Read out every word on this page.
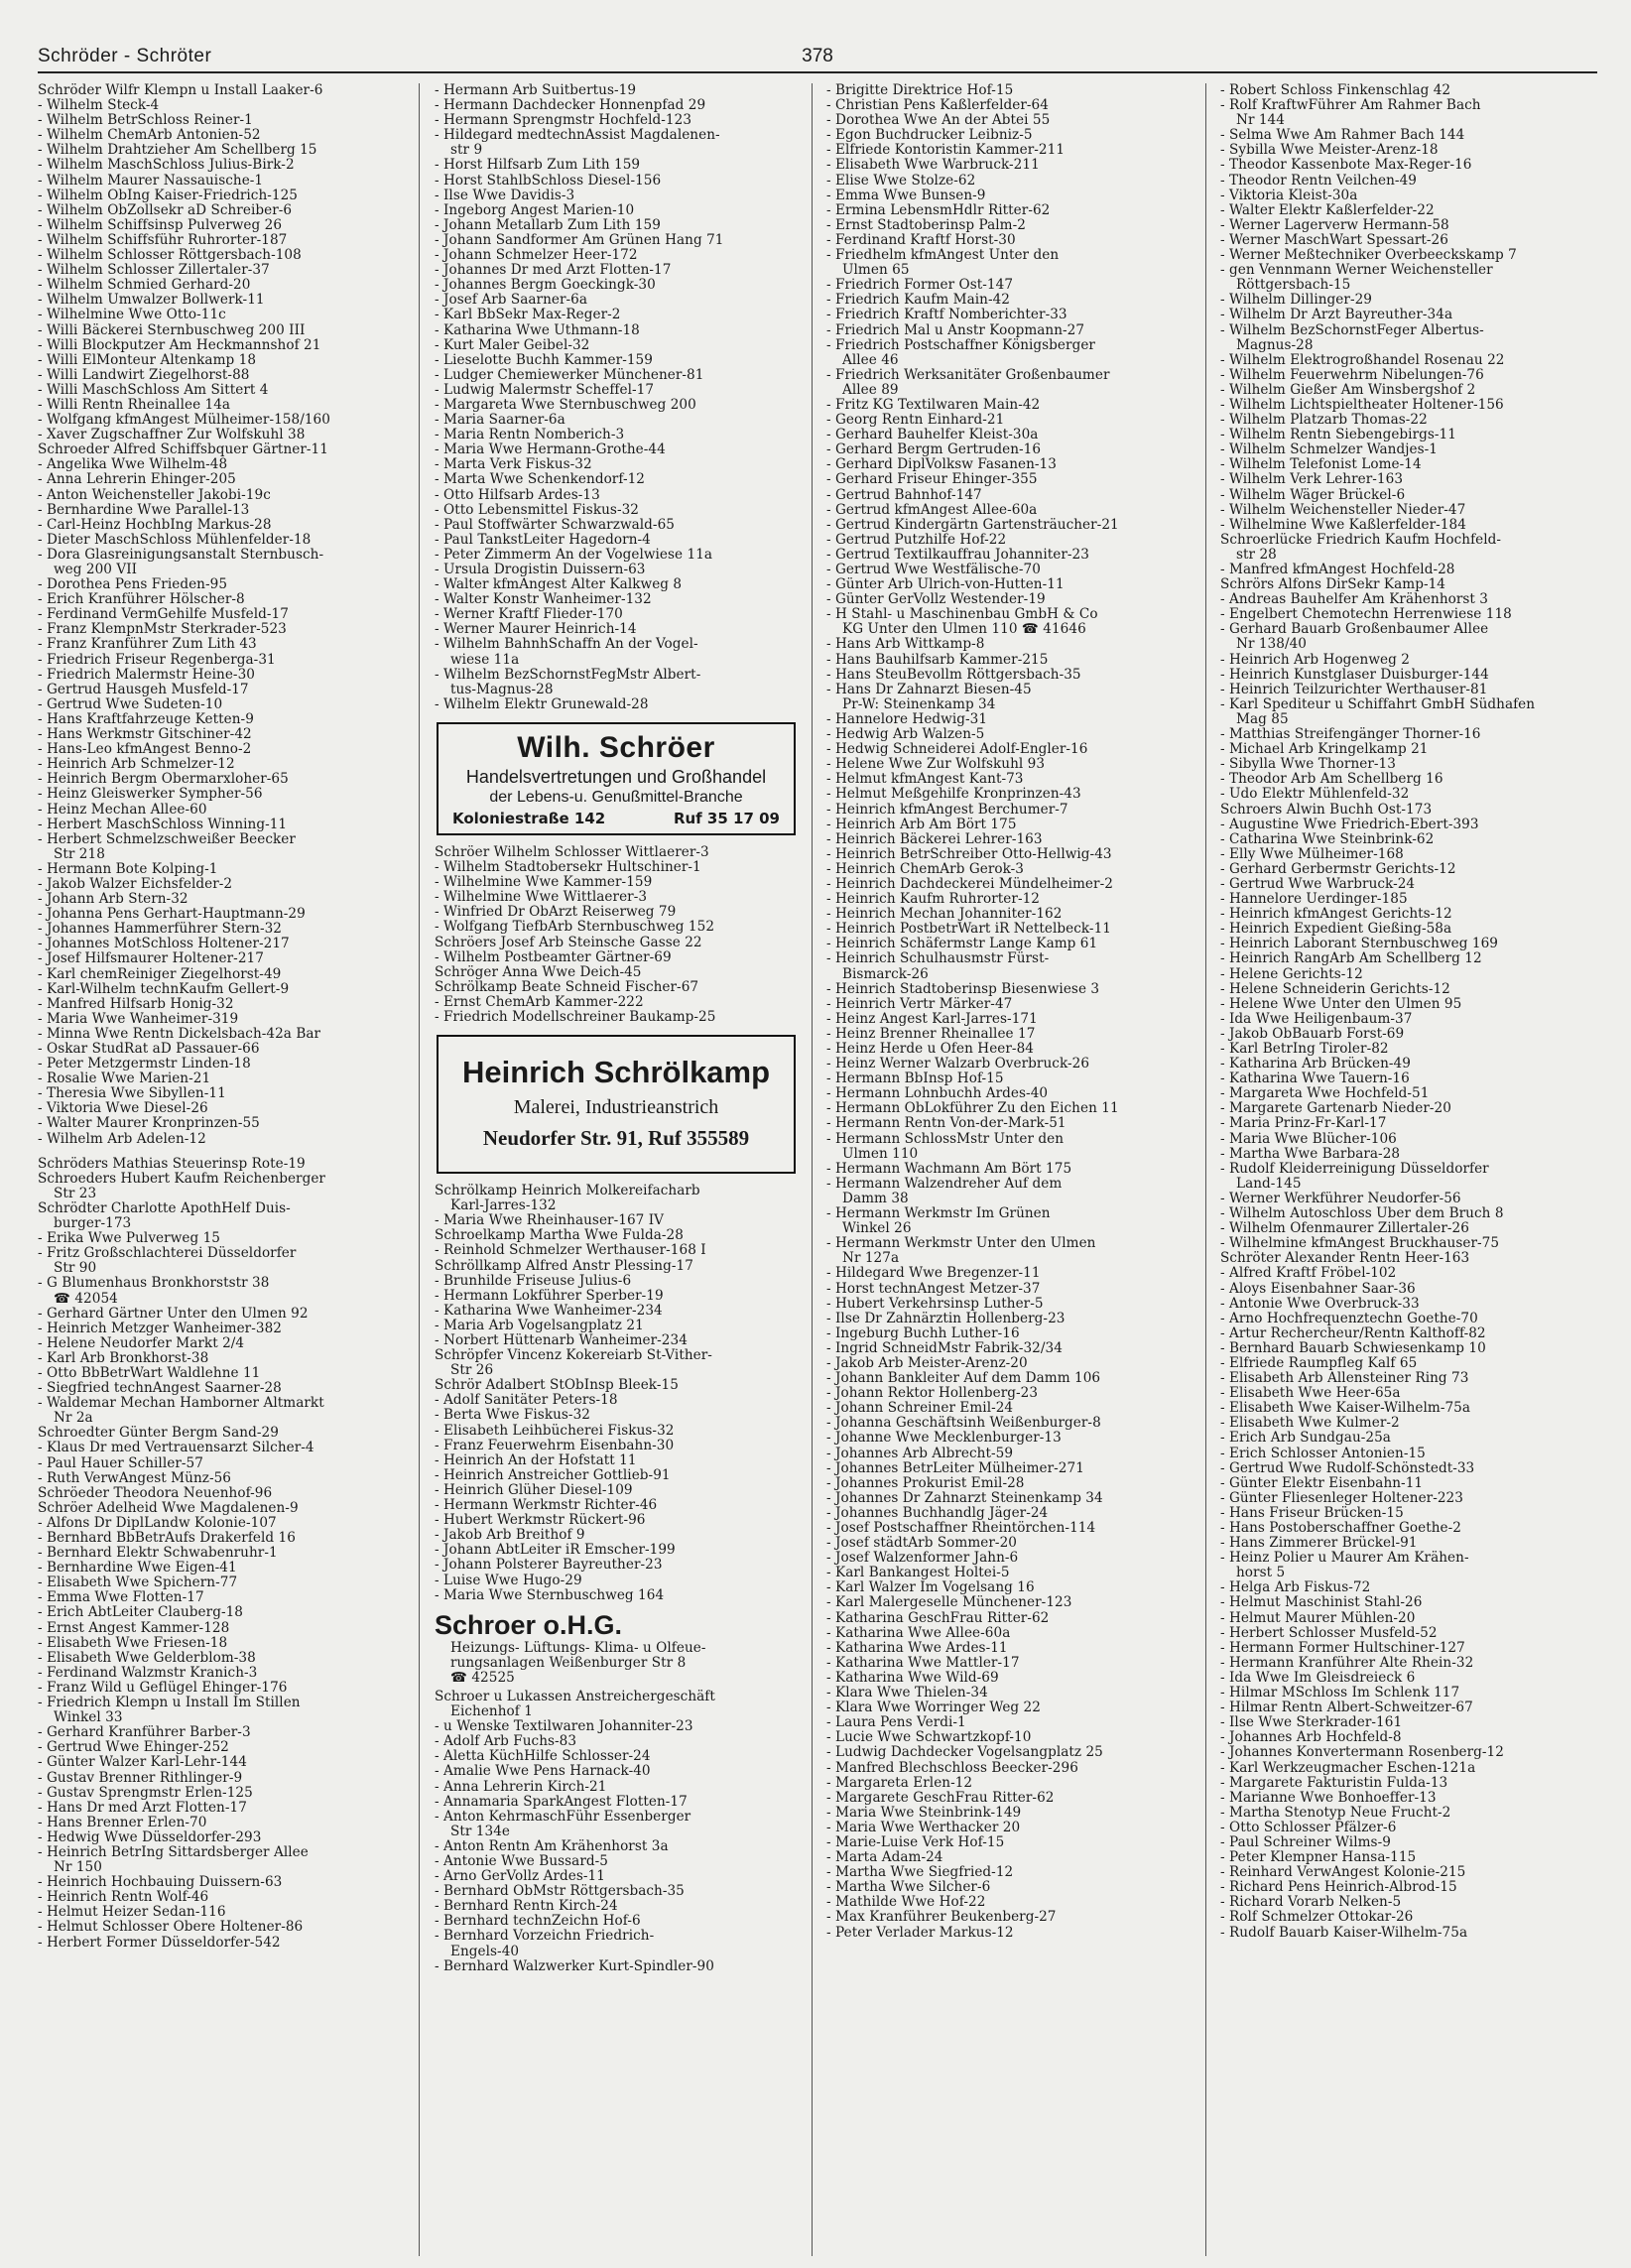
Schröder - Schröter	378
Schröder Wilfr Klempn u Install Laaker-6
- Wilhelm Steck-4
- Wilhelm BetrSchloss Reiner-1
- Wilhelm ChemArb Antonien-52
- Wilhelm Drahtzieher Am Schellberg 15
- Wilhelm MaschSchloss Julius-Birk-2
- Wilhelm Maurer Nassauische-1
- Wilhelm ObIng Kaiser-Friedrich-125
- Wilhelm ObZollsekr aD Schreiber-6
- Wilhelm Schiffsinsp Pulverweg 26
- Wilhelm Schiffsführ Ruhrorter-187
- Wilhelm Schlosser Röttgersbach-108
- Wilhelm Schlosser Zillertaler-37
- Wilhelm Schmied Gerhard-20
- Wilhelm Umwalzer Bollwerk-11
- Wilhelmine Wwe Otto-11c
- Willi Bäckerei Sternbuschweg 200 III
- Willi Blockputzer Am Heckmannshof 21
- Willi ElMonteur Altenkamp 18
- Willi Landwirt Ziegelhorst-88
- Willi MaschSchloss Am Sittert 4
- Willi Rentn Rheinallee 14a
- Wolfgang kfmAngest Mülheimer-158/160
- Xaver Zugschaffner Zur Wolfskuhl 38
Schroeder Alfred Schiffsbquer Gärtner-11
- Angelika Wwe Wilhelm-48
- Anna Lehrerin Ehinger-205
- Anton Weichensteller Jakobi-19c
- Bernhardine Wwe Parallel-13
- Carl-Heinz HochbIng Markus-28
- Dieter MaschSchloss Mühlenfelder-18
- Dora Glasreinigungsanstalt Sternbusch-
weg 200 VII
- Dorothea Pens Frieden-95
- Erich Kranführer Hölscher-8
- Ferdinand VermGehilfe Musfeld-17
- Franz KlempnMstr Sterkrader-523
- Franz Kranführer Zum Lith 43
- Friedrich Friseur Regenberga-31
- Friedrich Malermstr Heine-30
- Gertrud Hausgeh Musfeld-17
- Gertrud Wwe Sudeten-10
- Hans Kraftfahrzeuge Ketten-9
- Hans Werkmstr Gitschiner-42
- Hans-Leo kfmAngest Benno-2
- Heinrich Arb Schmelzer-12
- Heinrich Bergm Obermarxloher-65
- Heinz Gleiswerker Sympher-56
- Heinz Mechan Allee-60
- Herbert MaschSchloss Winning-11
- Herbert Schmelzschweißer Beecker
Str 218
- Hermann Bote Kolping-1
- Jakob Walzer Eichsfelder-2
- Johann Arb Stern-32
- Johanna Pens Gerhart-Hauptmann-29
- Johannes Hammerführer Stern-32
- Johannes MotSchloss Holtener-217
- Josef Hilfsmaurer Holtener-217
- Karl chemReiniger Ziegelhorst-49
- Karl-Wilhelm technKaufm Gellert-9
- Manfred Hilfsarb Honig-32
- Maria Wwe Wanheimer-319
- Minna Wwe Rentn Dickelsbach-42a Bar
- Oskar StudRat aD Passauer-66
- Peter Metzgermstr Linden-18
- Rosalie Wwe Marien-21
- Theresia Wwe Sibyllen-11
- Viktoria Wwe Diesel-26
- Walter Maurer Kronprinzen-55
- Wilhelm Arb Adelen-12
Schröders Mathias Steuerinsp Rote-19
Schroeders Hubert Kaufm Reichenberger
Str 23
Schrödter Charlotte ApothHelf Duis-
burger-173
- Erika Wwe Pulverweg 15
- Fritz Großschlachterei Düsseldorfer
Str 90
- G Blumenhaus Bronkhorststr 38
☎ 42054
- Gerhard Gärtner Unter den Ulmen 92
- Heinrich Metzger Wanheimer-382
- Helene Neudorfer Markt 2/4
- Karl Arb Bronkhorst-38
- Otto BbBetrWart Waldlehne 11
- Siegfried technAngest Saarner-28
- Waldemar Mechan Hamborner Altmarkt
Nr 2a
Schroedter Günter Bergm Sand-29
- Klaus Dr med Vertrauensarzt Silcher-4
- Paul Hauer Schiller-57
- Ruth VerwAngest Münz-56
Schröeder Theodora Neuenhof-96
Schröer Adelheid Wwe Magdalenen-9
- Alfons Dr DiplLandw Kolonie-107
- Bernhard BbBetrAufs Drakerfeld 16
- Bernhard Elektr Schwabenruhr-1
- Bernhardine Wwe Eigen-41
- Elisabeth Wwe Spichern-77
- Emma Wwe Flotten-17
- Erich AbtLeiter Clauberg-18
- Ernst Angest Kammer-128
- Elisabeth Wwe Friesen-18
- Elisabeth Wwe Gelderblom-38
- Ferdinand Walzmstr Kranich-3
- Franz Wild u Geflügel Ehinger-176
- Friedrich Klempn u Install Im Stillen
Winkel 33
- Gerhard Kranführer Barber-3
- Gertrud Wwe Ehinger-252
- Günter Walzer Karl-Lehr-144
- Gustav Brenner Rithlinger-9
- Gustav Sprengmstr Erlen-125
- Hans Dr med Arzt Flotten-17
- Hans Brenner Erlen-70
- Hedwig Wwe Düsseldorfer-293
- Heinrich BetrIng Sittardsberger Allee
Nr 150
- Heinrich Hochbauing Duissern-63
- Heinrich Rentn Wolf-46
- Helmut Heizer Sedan-116
- Helmut Schlosser Obere Holtener-86
- Herbert Former Düsseldorfer-542
- Hermann Arb Suitbertus-19
- Hermann Dachdecker Honnenpfad 29
- Hermann Sprengmstr Hochfeld-123
- Hildegard medtechnAssist Magdalenen-
str 9
- Horst Hilfsarb Zum Lith 159
- Horst StahlbSchloss Diesel-156
- Ilse Wwe Davidis-3
- Ingeborg Angest Marien-10
- Johann Metallarb Zum Lith 159
- Johann Sandformer Am Grünen Hang 71
- Johann Schmelzer Heer-172
- Johannes Dr med Arzt Flotten-17
- Johannes Bergm Goeckingk-30
- Josef Arb Saarner-6a
- Karl BbSekr Max-Reger-2
- Katharina Wwe Uthmann-18
- Kurt Maler Geibel-32
- Lieselotte Buchh Kammer-159
- Ludger Chemiewerker Münchener-81
- Ludwig Malermstr Scheffel-17
- Margareta Wwe Sternbuschweg 200
- Maria Saarner-6a
- Maria Rentn Nomberich-3
- Maria Wwe Hermann-Grothe-44
- Marta Verk Fiskus-32
- Marta Wwe Schenkendorf-12
- Otto Hilfsarb Ardes-13
- Otto Lebensmittel Fiskus-32
- Paul Stoffwärter Schwarzwald-65
- Paul TankstLeiter Hagedorn-4
- Peter Zimmerm An der Vogelwiese 11a
- Ursula Drogistin Duissern-63
- Walter kfmAngest Alter Kalkweg 8
- Walter Konstr Wanheimer-132
- Werner Kraftf Flieder-170
- Werner Maurer Heinrich-14
- Wilhelm BahnhSchaffn An der Vogel-
wiese 11a
- Wilhelm BezSchornstFegMstr Albert-
tus-Magnus-28
- Wilhelm Elektr Grunewald-28
Wilh. Schröer
Handelsvertretungen und Großhandel
der Lebens-u. Genußmittel-Branche
Koloniestraße 142	Ruf 35 17 09
Schröer Wilhelm Schlosser Wittlaerer-3
- Wilhelm Stadtobersekr Hultschiner-1
- Wilhelmine Wwe Kammer-159
- Wilhelmine Wwe Wittlaerer-3
- Winfried Dr ObArzt Reiserweg 79
- Wolfgang TiefbArb Sternbuschweg 152
Schröers Josef Arb Steinsche Gasse 22
- Wilhelm Postbeamter Gärtner-69
Schröger Anna Wwe Deich-45
Schrölkamp Beate Schneid Fischer-67
- Ernst ChemArb Kammer-222
- Friedrich Modellschreiner Baukamp-25
Heinrich Schrölkamp
Malerei, Industrieanstrich
Neudorfer Str. 91, Ruf 355589
Schrölkamp Heinrich Molkereifacharb
Karl-Jarres-132
- Maria Wwe Rheinhauser-167 IV
Schroelkamp Martha Wwe Fulda-28
- Reinhold Schmelzer Werthauser-168 I
Schröllkamp Alfred Anstr Plessing-17
- Brunhilde Friseuse Julius-6
- Hermann Lokführer Sperber-19
- Katharina Wwe Wanheimer-234
- Maria Arb Vogelsangplatz 21
- Norbert Hüttenarb Wanheimer-234
Schröpfer Vincenz Kokereiarb St-Vither-
Str 26
Schrör Adalbert StObInsp Bleek-15
- Adolf Sanitäter Peters-18
- Berta Wwe Fiskus-32
- Elisabeth Leihbücherei Fiskus-32
- Franz Feuerwehrm Eisenbahn-30
- Heinrich An der Hofstatt 11
- Heinrich Anstreicher Gottlieb-91
- Heinrich Glüher Diesel-109
- Hermann Werkmstr Richter-46
- Hubert Werkmstr Rückert-96
- Jakob Arb Breithof 9
- Johann AbtLeiter iR Emscher-199
- Johann Polsterer Bayreuther-23
- Luise Wwe Hugo-29
- Maria Wwe Sternbuschweg 164
Schroer o.H.G.
Heizungs- Lüftungs- Klima- u Ölfeue-
rungsanlagen Weißenburger Str 8
☎ 42525
Schroer u Lukassen Anstreichergeschäft
Eichenhof 1
- u Wenske Textilwaren Johanniter-23
- Adolf Arb Fuchs-83
- Aletta KüchHilfe Schlosser-24
- Amalie Wwe Pens Harnack-40
- Anna Lehrerin Kirch-21
- Annamaria SparkAngest Flotten-17
- Anton KehrmaschFühr Essenberger
Str 134e
- Anton Rentn Am Krähenhorst 3a
- Antonie Wwe Bussard-5
- Arno GerVollz Ardes-11
- Bernhard ObMstr Röttgersbach-35
- Bernhard Rentn Kirch-24
- Bernhard technZeichn Hof-6
- Bernhard Vorzeichn Friedrich-
Engels-40
- Bernhard Walzwerker Kurt-Spindler-90
- Brigitte Direktrice Hof-15
- Christian Pens Kaßlerfelder-64
- Dorothea Wwe An der Abtei 55
- Egon Buchdrucker Leibniz-5
- Elfriede Kontoristin Kammer-211
- Elisabeth Wwe Warbruck-211
- Elise Wwe Stolze-62
- Emma Wwe Bunsen-9
- Ermina LebensmHdlr Ritter-62
- Ernst Stadtoberinsp Palm-2
- Ferdinand Kraftf Horst-30
- Friedhelm kfmAngest Unter den
Ulmen 65
- Friedrich Former Ost-147
- Friedrich Kaufm Main-42
- Friedrich Kraftf Nomberichter-33
- Friedrich Mal u Anstr Koopmann-27
- Friedrich Postschaffner Königsberger
Allee 46
- Friedrich Werksanitäter Großenbaumer
Allee 89
- Fritz KG Textilwaren Main-42
- Georg Rentn Einhard-21
- Gerhard Bauhelfer Kleist-30a
- Gerhard Bergm Gertruden-16
- Gerhard DiplVolksw Fasanen-13
- Gerhard Friseur Ehinger-355
- Gertrud Bahnhof-147
- Gertrud kfmAngest Allee-60a
- Gertrud Kindergärtn Gartensträucher-21
- Gertrud Putzhilfe Hof-22
- Gertrud Textilkauffrau Johanniter-23
- Gertrud Wwe Westfälische-70
- Günter Arb Ulrich-von-Hutten-11
- Günter GerVollz Westender-19
- H Stahl- u Maschinenbau GmbH & Co
KG Unter den Ulmen 110 ☎ 41646
- Hans Arb Wittkamp-8
- Hans Bauhilfsarb Kammer-215
- Hans SteuBevollm Röttgersbach-35
- Hans Dr Zahnarzt Biesen-45
Pr-W: Steinenkamp 34
- Hannelore Hedwig-31
- Hedwig Arb Walzen-5
- Hedwig Schneiderei Adolf-Engler-16
- Helene Wwe Zur Wolfskuhl 93
- Helmut kfmAngest Kant-73
- Helmut Meßgehilfe Kronprinzen-43
- Heinrich kfmAngest Berchumer-7
- Heinrich Arb Am Bört 175
- Heinrich Bäckerei Lehrer-163
- Heinrich BetrSchreiber Otto-Hellwig-43
- Heinrich ChemArb Gerok-3
- Heinrich Dachdeckerei Mündelheimer-2
- Heinrich Kaufm Ruhrorter-12
- Heinrich Mechan Johanniter-162
- Heinrich PostbetrWart iR Nettelbeck-11
- Heinrich Schäfermstr Lange Kamp 61
- Heinrich Schulhausmstr Fürst-
Bismarck-26
- Heinrich Stadtoberinsp Biesenwiese 3
- Heinrich Vertr Märker-47
- Heinz Angest Karl-Jarres-171
- Heinz Brenner Rheinallee 17
- Heinz Herde u Öfen Heer-84
- Heinz Werner Walzarb Overbruck-26
- Hermann BbInsp Hof-15
- Hermann Lohnbuchh Ardes-40
- Hermann ObLokführer Zu den Eichen 11
- Hermann Rentn Von-der-Mark-51
- Hermann SchlossMstr Unter den
Ulmen 110
- Hermann Wachmann Am Bört 175
- Hermann Walzendreher Auf dem
Damm 38
- Hermann Werkmstr Im Grünen
Winkel 26
- Hermann Werkmstr Unter den Ulmen
Nr 127a
- Hildegard Wwe Bregenzer-11
- Horst technAngest Metzer-37
- Hubert Verkehrsinsp Luther-5
- Ilse Dr Zahnärztin Hollenberg-23
- Ingeburg Buchh Luther-16
- Ingrid SchneidMstr Fabrik-32/34
- Jakob Arb Meister-Arenz-20
- Johann Bankleiter Auf dem Damm 106
- Johann Rektor Hollenberg-23
- Johann Schreiner Emil-24
- Johanna Geschäftsinh Weißenburger-8
- Johanne Wwe Mecklenburger-13
- Johannes Arb Albrecht-59
- Johannes BetrLeiter Mülheimer-271
- Johannes Prokurist Emil-28
- Johannes Dr Zahnarzt Steinenkamp 34
- Johannes Buchhandlg Jäger-24
- Josef Postschaffner Rheintörchen-114
- Josef städtArb Sommer-20
- Josef Walzenformer Jahn-6
- Karl Bankangest Holtei-5
- Karl Walzer Im Vogelsang 16
- Karl Malergeselle Münchener-123
- Katharina GeschFrau Ritter-62
- Katharina Wwe Allee-60a
- Katharina Wwe Ardes-11
- Katharina Wwe Mattler-17
- Katharina Wwe Wild-69
- Klara Wwe Thielen-34
- Klara Wwe Worringer Weg 22
- Laura Pens Verdi-1
- Lucie Wwe Schwartzkopf-10
- Ludwig Dachdecker Vogelsangplatz 25
- Manfred Blechschloss Beecker-296
- Margareta Erlen-12
- Margarete GeschFrau Ritter-62
- Maria Wwe Steinbrink-149
- Maria Wwe Werthacker 20
- Marie-Luise Verk Hof-15
- Marta Adam-24
- Martha Wwe Siegfried-12
- Martha Wwe Silcher-6
- Mathilde Wwe Hof-22
- Max Kranführer Beukenberg-27
- Peter Verlader Markus-12
- Robert Schloss Finkenschlag 42
- Rolf KraftwFührer Am Rahmer Bach
Nr 144
- Selma Wwe Am Rahmer Bach 144
- Sybilla Wwe Meister-Arenz-18
- Theodor Kassenbote Max-Reger-16
- Theodor Rentn Veilchen-49
- Viktoria Kleist-30a
- Walter Elektr Kaßlerfelder-22
- Werner Lagerverw Hermann-58
- Werner MaschWart Spessart-26
- Werner Meßtechniker Overbeeckskamp 7
- gen Vennmann Werner Weichensteller
Röttgersbach-15
- Wilhelm Dillinger-29
- Wilhelm Dr Arzt Bayreuther-34a
- Wilhelm BezSchornstFeger Albertus-
Magnus-28
- Wilhelm Elektrogroßhandel Rosenau 22
- Wilhelm Feuerwehrm Nibelungen-76
- Wilhelm Gießer Am Winsbergshof 2
- Wilhelm Lichtspieltheater Holtener-156
- Wilhelm Platzarb Thomas-22
- Wilhelm Rentn Siebengebirgs-11
- Wilhelm Schmelzer Wandjes-1
- Wilhelm Telefonist Lome-14
- Wilhelm Verk Lehrer-163
- Wilhelm Wäger Brückel-6
- Wilhelm Weichensteller Nieder-47
- Wilhelmine Wwe Kaßlerfelder-184
Schroerlücke Friedrich Kaufm Hochfeld-
str 28
- Manfred kfmAngest Hochfeld-28
Schrörs Alfons DirSekr Kamp-14
- Andreas Bauhelfer Am Krähenhorst 3
- Engelbert Chemotechn Herrenwiese 118
- Gerhard Bauarb Großenbaumer Allee
Nr 138/40
- Heinrich Arb Hogenweg 2
- Heinrich Kunstglaser Duisburger-144
- Heinrich Teilzurichter Werthauser-81
- Karl Spediteur u Schiffahrt GmbH Südhafen
Mag 85
- Matthias Streifengänger Thorner-16
- Michael Arb Kringelkamp 21
- Sibylla Wwe Thorner-13
- Theodor Arb Am Schellberg 16
- Udo Elektr Mühlenfeld-32
Schroers Alwin Buchh Ost-173
- Augustine Wwe Friedrich-Ebert-393
- Catharina Wwe Steinbrink-62
- Elly Wwe Mülheimer-168
- Gerhard Gerbermstr Gerichts-12
- Gertrud Wwe Warbruck-24
- Hannelore Uerdinger-185
- Heinrich kfmAngest Gerichts-12
- Heinrich Expedient Gießing-58a
- Heinrich Laborant Sternbuschweg 169
- Heinrich RangArb Am Schellberg 12
- Helene Gerichts-12
- Helene Schneiderin Gerichts-12
- Helene Wwe Unter den Ulmen 95
- Ida Wwe Heiligenbaum-37
- Jakob ObBauarb Forst-69
- Karl BetrIng Tiroler-82
- Katharina Arb Brücken-49
- Katharina Wwe Tauern-16
- Margareta Wwe Hochfeld-51
- Margarete Gartenarb Nieder-20
- Maria Prinz-Fr-Karl-17
- Maria Wwe Blücher-106
- Martha Wwe Barbara-28
- Rudolf Kleiderreinigung Düsseldorfer
Land-145
- Werner Werkführer Neudorfer-56
- Wilhelm Autoschloss Über dem Bruch 8
- Wilhelm Ofenmaurer Zillertaler-26
- Wilhelmine kfmAngest Bruckhauser-75
Schröter Alexander Rentn Heer-163
- Alfred Kraftf Fröbel-102
- Aloys Eisenbahner Saar-36
- Antonie Wwe Overbruck-33
- Arno Hochfrequenztechn Goethe-70
- Artur Rechercheur/Rentn Kalthoff-82
- Bernhard Bauarb Schwiesenkamp 10
- Elfriede Raumpfleg Kalf 65
- Elisabeth Arb Allensteiner Ring 73
- Elisabeth Wwe Heer-65a
- Elisabeth Wwe Kaiser-Wilhelm-75a
- Elisabeth Wwe Kulmer-2
- Erich Arb Sundgau-25a
- Erich Schlosser Antonien-15
- Gertrud Wwe Rudolf-Schönstedt-33
- Günter Elektr Eisenbahn-11
- Günter Fliesenleger Holtener-223
- Hans Friseur Brücken-15
- Hans Postoberschaffner Goethe-2
- Hans Zimmerer Brückel-91
- Heinz Polier u Maurer Am Krähen-
horst 5
- Helga Arb Fiskus-72
- Helmut Maschinist Stahl-26
- Helmut Maurer Mühlen-20
- Herbert Schlosser Musfeld-52
- Hermann Former Hultschiner-127
- Hermann Kranführer Alte Rhein-32
- Ida Wwe Im Gleisdreieck 6
- Hilmar MSchloss Im Schlenk 117
- Hilmar Rentn Albert-Schweitzer-67
- Ilse Wwe Sterkrader-161
- Johannes Arb Hochfeld-8
- Johannes Konvertermann Rosenberg-12
- Karl Werkzeugmacher Eschen-121a
- Margarete Fakturistin Fulda-13
- Marianne Wwe Bonhoeffer-13
- Martha Stenotyp Neue Frucht-2
- Otto Schlosser Pfälzer-6
- Paul Schreiner Wilms-9
- Peter Klempner Hansa-115
- Reinhard VerwAngest Kolonie-215
- Richard Pens Heinrich-Albrod-15
- Richard Vorarb Nelken-5
- Rolf Schmelzer Ottokar-26
- Rudolf Bauarb Kaiser-Wilhelm-75a
